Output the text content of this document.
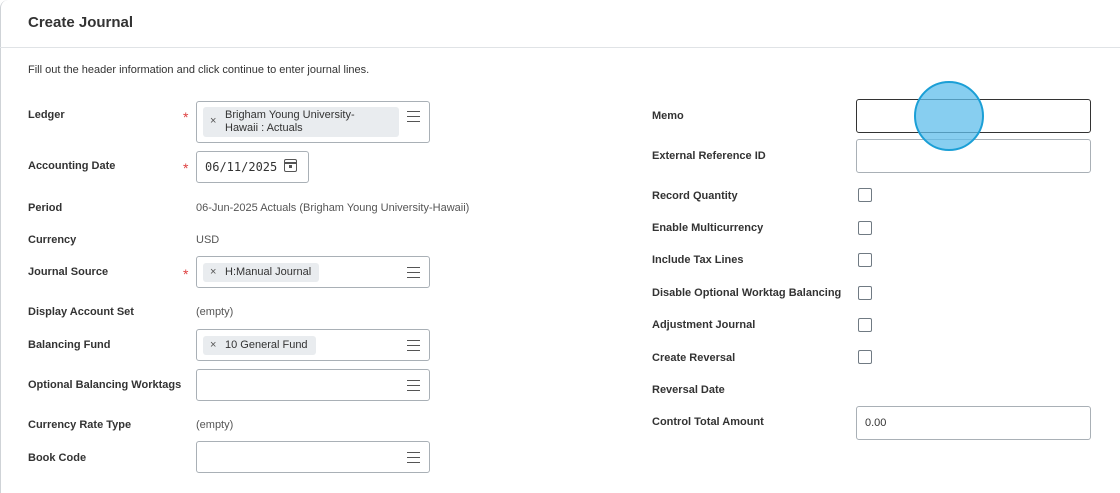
Create Journal
Fill out the header information and click continue to enter journal lines.
Ledger	* × Brigham Young University-
Hawaii : Actuals
Accounting Date	* 06/11/2025
Period	06-Jun-2025 Actuals (Brigham Young University-Hawaii)
Currency	USD
Journal Source	* × H:Manual Journal
Display Account Set	(empty)
Balancing Fund	× 10 General Fund
Optional Balancing Worktags
Currency Rate Type	(empty)
Book Code
Memo
External Reference ID
Record Quantity
Enable Multicurrency
Include Tax Lines
Disable Optional Worktag Balancing
Adjustment Journal
Create Reversal
Reversal Date
Control Total Amount	0.00
